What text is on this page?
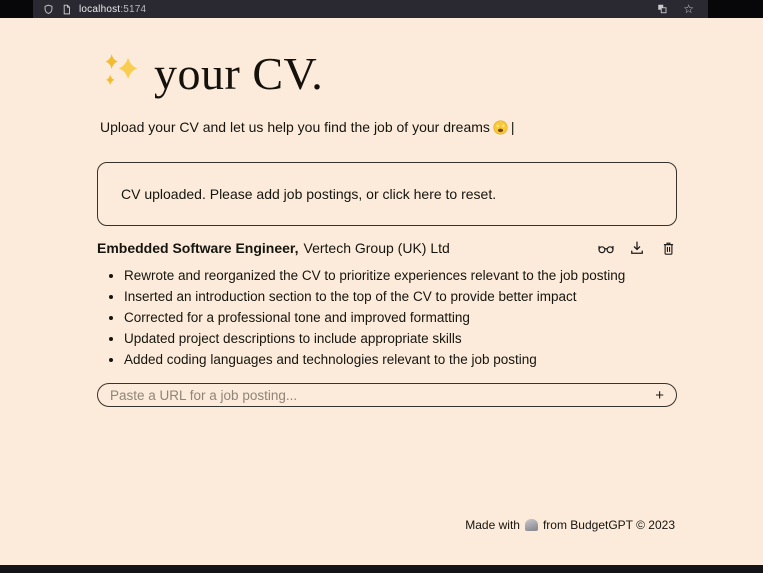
localhost:5174	☆
your CV.
Upload your CV and let us help you find the job of your dreams |
CV uploaded. Please add job postings, or click here to reset.
Embedded Software Engineer, Vertech Group (UK) Ltd
• Rewrote and reorganized the CV to prioritize experiences relevant to the job posting
• Inserted an introduction section to the top of the CV to provide better impact
• Corrected for a professional tone and improved formatting
• Updated project descriptions to include appropriate skills
• Added coding languages and technologies relevant to the job posting
Paste a URL for a job posting...
+
Made with from BudgetGPT © 2023
